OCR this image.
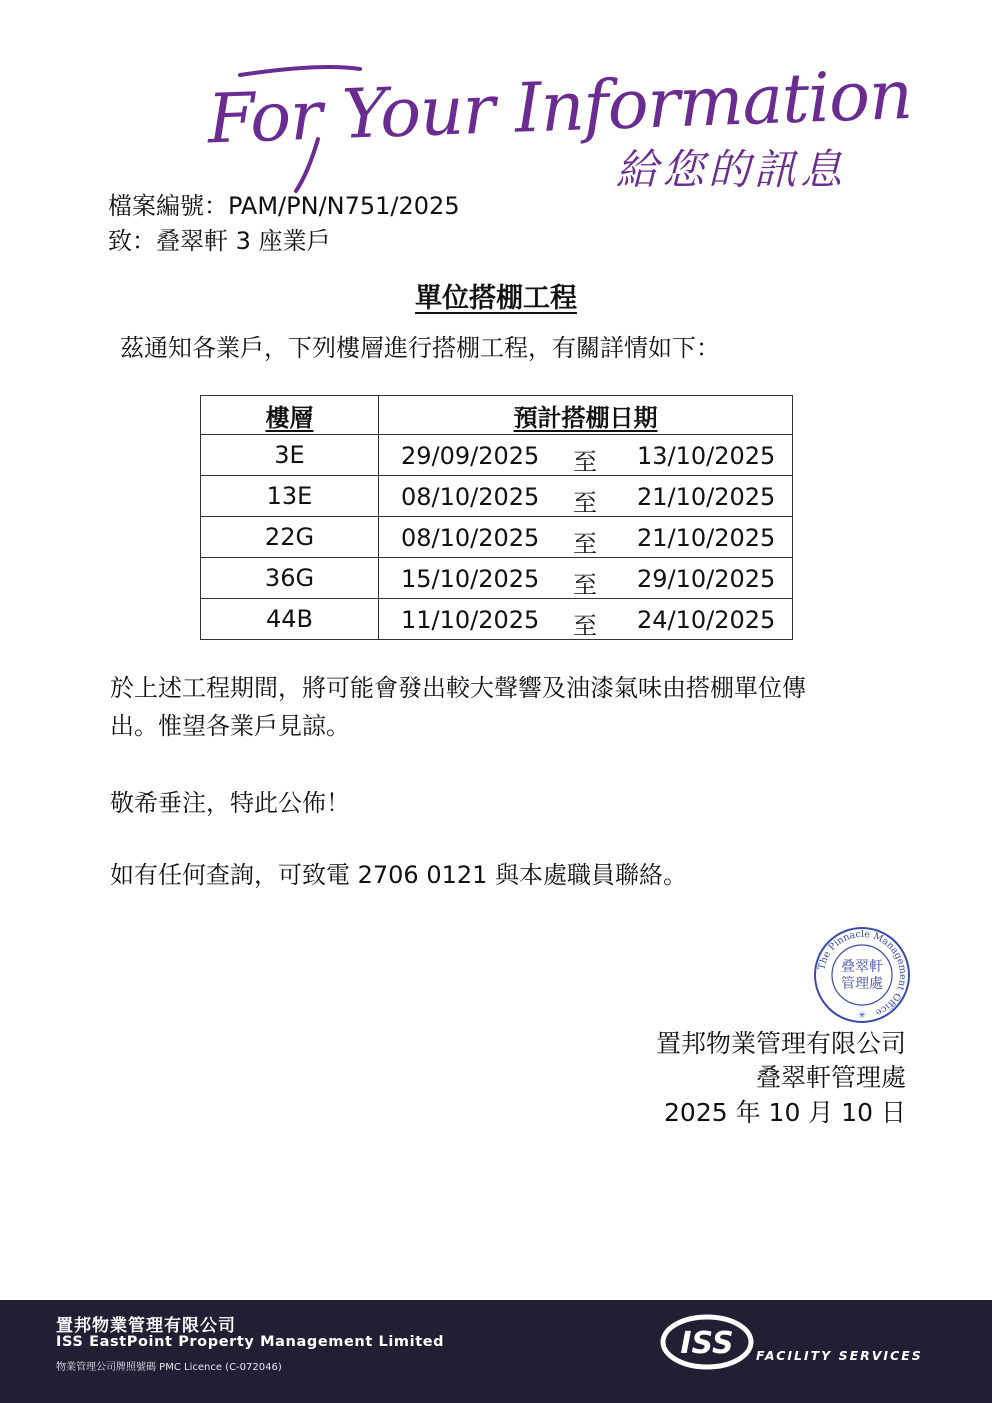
For Your Information
給您的訊息
檔案編號：PAM/PN/N751/2025
致：叠翠軒 3 座業戶
單位搭棚工程
茲通知各業戶，下列樓層進行搭棚工程，有關詳情如下：
樓層	預計搭棚日期
3E	29/09/2025 至 13/10/2025

13E	08/10/2025 至 21/10/2025

22G	08/10/2025 至 21/10/2025

36G	15/10/2025 至 29/10/2025

44B	11/10/2025 至 24/10/2025
於上述工程期間，將可能會發出較大聲響及油漆氣味由搭棚單位傳
出。惟望各業戶見諒。
敬希垂注，特此公佈！
如有任何查詢，可致電 2706 0121 與本處職員聯絡。
The Pinnacle Management Office
叠翠軒
管理處
✳
置邦物業管理有限公司
叠翠軒管理處
2025 年 10 月 10 日
置邦物業管理有限公司
ISS EastPoint Property Management Limited
物業管理公司牌照號碼 PMC Licence (C-072046)
ISS FACILITY SERVICES
